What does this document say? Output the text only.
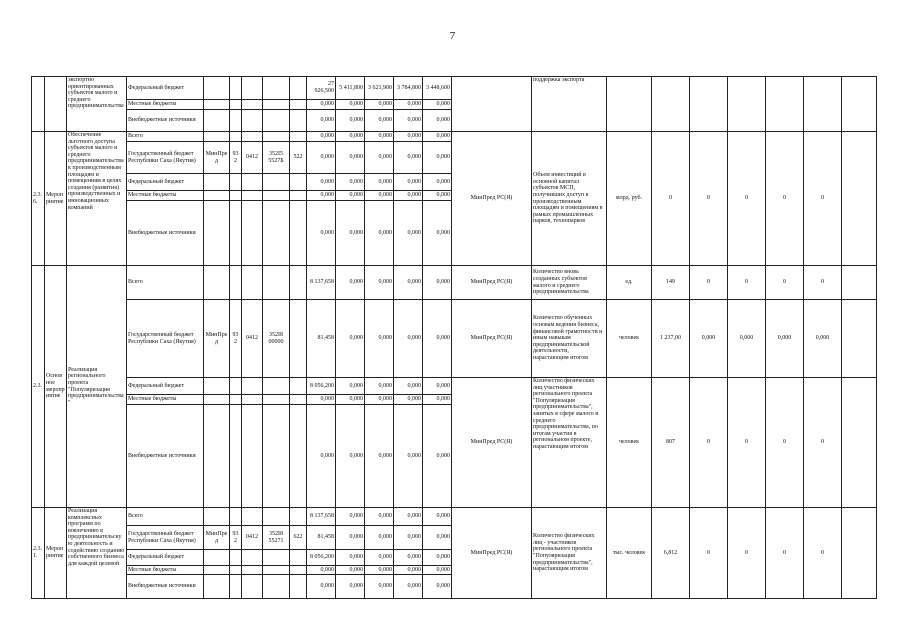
7
		экспортно ориентированных субъектов малого и среднего предпринимательства	Федеральный бюджет						27 926,500	5 411,800	3 621,900	3 784,800	3 448,600		поддержка экспорта							
			Местные бюджеты						0,000	0,000	0,000	0,000	0,000									
			Внебюджетные источники						0,000	0,000	0,000	0,000	0,000									
2.3.6.	Мероприятие	Обеспечение льготного доступа субъектов малого и среднего предпринимательства к производственным площадям и помещениям в целях создания (развития) производственных и инновационных компаний	Всего						0,000	0,000	0,000	0,000	0,000	МинПред РС(Я)	Объем инвестиций в основной капитал субъектов МСП, получивших доступ к производственным площадям и помещениям в рамках промышленных парков, технопарков	млрд. руб.	0	0	0	0	0	
			Государственный бюджет Республики Саха (Якутия)	МинПред	93 2	0412	352I5 5527Б	522	0,000	0,000	0,000	0,000	0,000									
			Федеральный бюджет						0,000	0,000	0,000	0,000	0,000									
			Местные бюджеты						0,000	0,000	0,000	0,000	0,000									
			Внебюджетные источники						0,000	0,000	0,000	0,000	0,000									
2.3.	Основное мероприятие	Реализация регионального проекта "Популяризация предпринимательства"	Всего						8 137,658	0,000	0,000	0,000	0,000	МинПред РС(Я)	Количество вновь созданных субъектов малого и среднего предпринимательства	ед.	149	0	0	0	0	
			Государственный бюджет Республики Саха (Якутия)	МинПред	93 2	0412	352I8 00000		81,458	0,000	0,000	0,000	0,000	МинПред РС(Я)	Количество обученных основам ведения бизнеса, финансовой грамотности и иным навыкам предпринимательской деятельности, нарастающим итогом	человек	1 237,00	0,000	0,000	0,000	0,000	
			Федеральный бюджет						8 056,200	0,000	0,000	0,000	0,000	МинПред РС(Я)	Количество физических лиц участников регионального проекта "Популяризация предпринимательства", занятых в сфере малого и среднего предпринимательства, по итогам участия в региональном проекте, нарастающим итогом	человек	807	0	0	0	0	
			Местные бюджеты						0,000	0,000	0,000	0,000	0,000									
			Внебюджетные источники						0,000	0,000	0,000	0,000	0,000									
2.3.1.	Мероприятие	Реализация комплексных программ по вовлечению в предпринимательскую деятельность и содействию созданию собственного бизнеса для каждой целевой	Всего						8 137,658	0,000	0,000	0,000	0,000	МинПред РС(Я)	Количество физических лиц - участников регионального проекта "Популяризация предпринимательства", нарастающим итогом	тыс. человек	6,812	0	0	0	0	
			Государственный бюджет Республики Саха (Якутия)	МинПред	93 2	0412	352I8 55271	622	81,458	0,000	0,000	0,000	0,000									
			Федеральный бюджет						8 056,200	0,000	0,000	0,000	0,000									
			Местные бюджеты						0,000	0,000	0,000	0,000	0,000									
			Внебюджетные источники						0,000	0,000	0,000	0,000	0,000									
